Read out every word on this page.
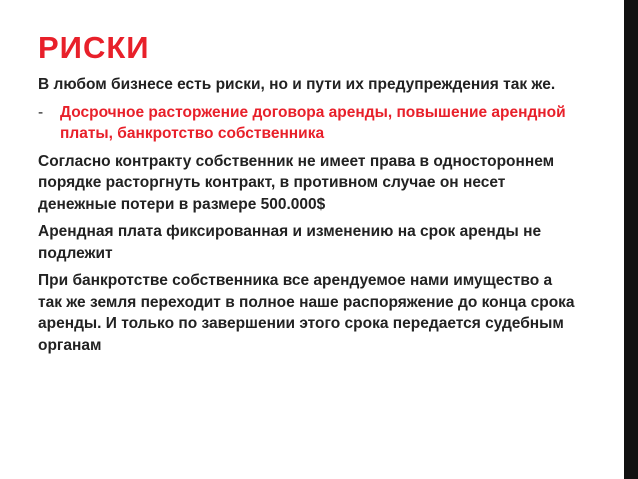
РИСКИ

В любом бизнесе есть риски, но и пути их предупреждения так же.

-	Досрочное расторжение договора аренды, повышение арендной платы, банкротство собственника

Согласно контракту собственник не имеет права в одностороннем порядке расторгнуть контракт, в противном случае он несет денежные потери в размере 500.000$

Арендная плата фиксированная и изменению на срок аренды не подлежит

При банкротстве собственника все арендуемое нами имущество а так же земля переходит в полное наше распоряжение до конца срока аренды. И только по завершении этого срока передается судебным органам
